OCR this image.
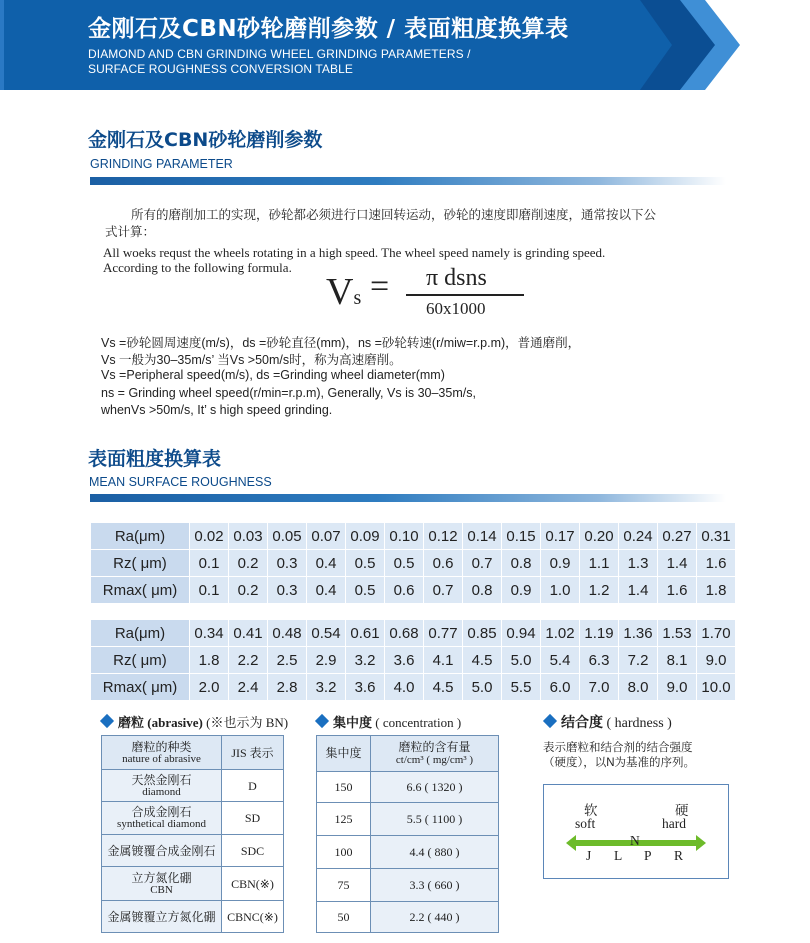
金刚石及CBN砂轮磨削参数 / 表面粗度换算表
DIAMOND AND CBN GRINDING WHEEL GRINDING PARAMETERS /
SURFACE ROUGHNESS CONVERSION TABLE
金刚石及CBN砂轮磨削参数
GRINDING PARAMETER
所有的磨削加工的实现，砂轮都必须进行口速回转运动，砂轮的速度即磨削速度，通常按以下公
式计算：
All woeks requst the wheels rotating in a high speed. The wheel speed namely is grinding speed.
According to the following formula.
Vs = π dsns
60x1000
Vs =砂轮圆周速度(m/s)，ds =砂轮直径(mm)，ns =砂轮转速(r/miw=r.p.m)，普通磨削，
Vs 一般为30–35m/s’ 当Vs >50m/s时，称为高速磨削。
Vs =Peripheral speed(m/s), ds =Grinding wheel diameter(mm)
ns = Grinding wheel speed(r/min=r.p.m), Generally, Vs is 30–35m/s,
whenVs >50m/s, It’ s high speed grinding.
表面粗度换算表
MEAN SURFACE ROUGHNESS
Ra(μm)	0.02	0.03	0.05	0.07	0.09	0.10	0.12	0.14	0.15	0.17	0.20	0.24	0.27	0.31
Rz( μm)	0.1	0.2	0.3	0.4	0.5	0.5	0.6	0.7	0.8	0.9	1.1	1.3	1.4	1.6
Rmax( μm)	0.1	0.2	0.3	0.4	0.5	0.6	0.7	0.8	0.9	1.0	1.2	1.4	1.6	1.8
Ra(μm)	0.34	0.41	0.48	0.54	0.61	0.68	0.77	0.85	0.94	1.02	1.19	1.36	1.53	1.70
Rz( μm)	1.8	2.2	2.5	2.9	3.2	3.6	4.1	4.5	5.0	5.4	6.3	7.2	8.1	9.0
Rmax( μm)	2.0	2.4	2.8	3.2	3.6	4.0	4.5	5.0	5.5	6.0	7.0	8.0	9.0	10.0
磨粒 (abrasive) (※也示为 BN)
磨粒的种类
nature of abrasive	JIS 表示

天然金刚石
diamond	D

合成金刚石
synthetical diamond	SD

金属镀覆合成金刚石	SDC

立方氮化硼
CBN	CBN(※)

金属镀覆立方氮化硼	CBNC(※)
集中度 ( concentration )
集中度	磨粒的含有量
ct/cm³ ( mg/cm³ )

150	6.6 ( 1320 )
125	5.5 ( 1100 )
100	4.4 ( 880 )
75	3.3 ( 660 )
50	2.2 ( 440 )
结合度 ( hardness )
表示磨粒和结合剂的结合强度
（硬度），以N为基准的序列。
软
soft
硬
hard
N
J L P R
